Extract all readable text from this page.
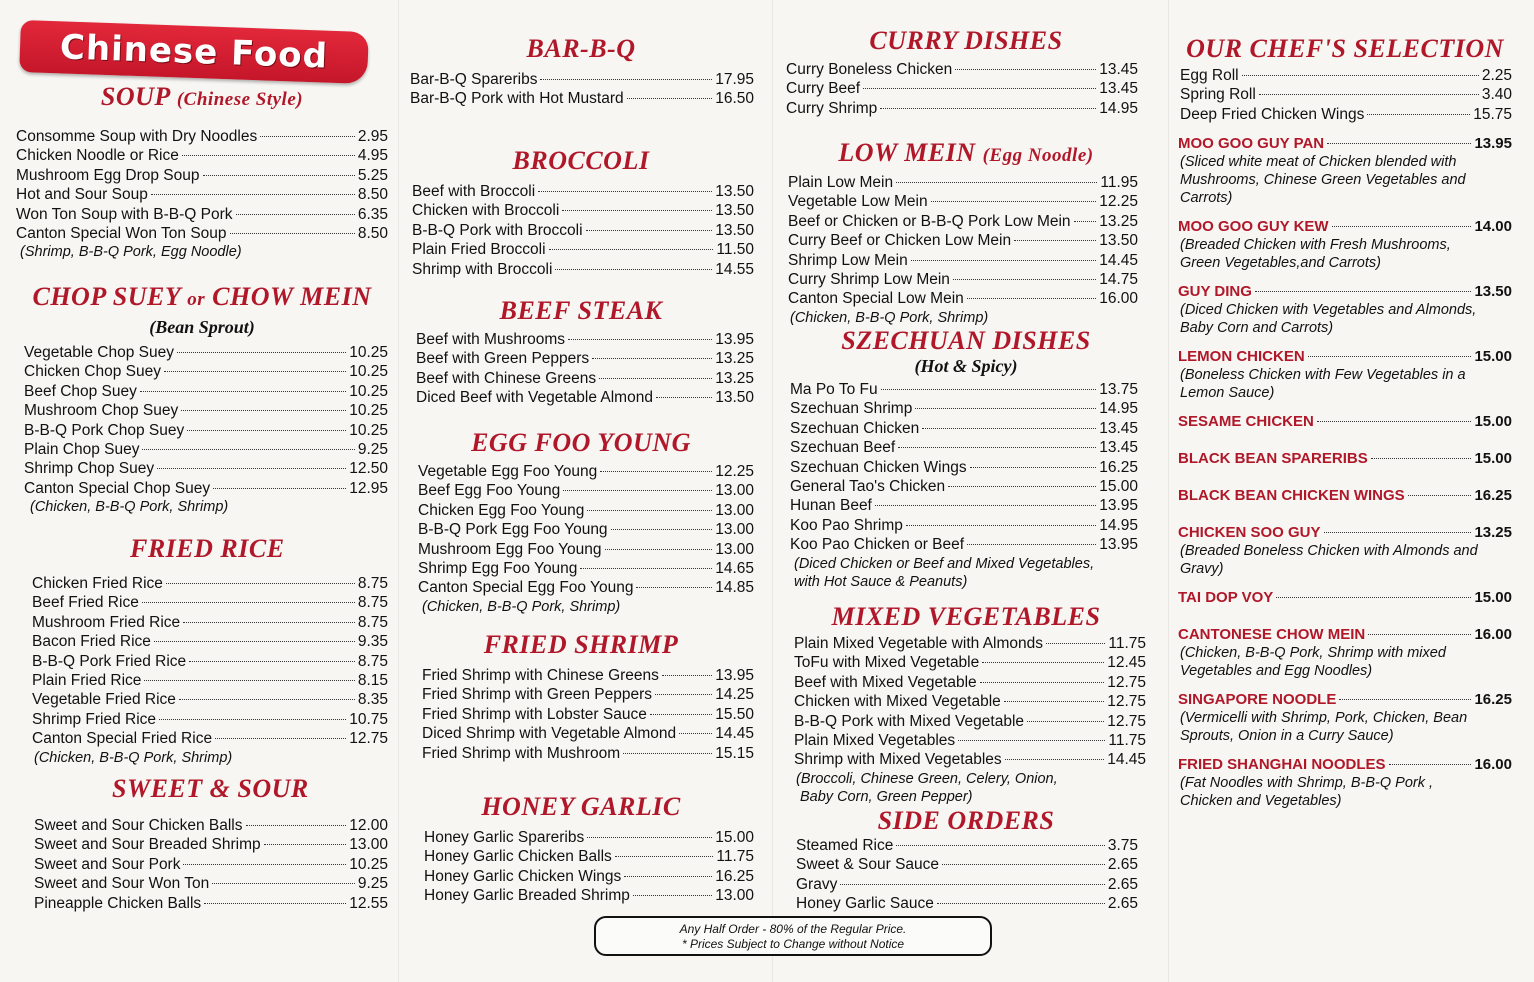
Chinese Food
SOUP (Chinese Style)
Consomme Soup with Dry Noodles	2.95
Chicken Noodle or Rice	4.95
Mushroom Egg Drop Soup	5.25
Hot and Sour Soup	8.50
Won Ton Soup with B-B-Q Pork	6.35
Canton Special Won Ton Soup	8.50
(Shrimp, B-B-Q Pork, Egg Noodle)
CHOP SUEY or CHOW MEIN
(Bean Sprout)
Vegetable Chop Suey	10.25
Chicken Chop Suey	10.25
Beef Chop Suey	10.25
Mushroom Chop Suey	10.25
B-B-Q Pork Chop Suey	10.25
Plain Chop Suey	9.25
Shrimp Chop Suey	12.50
Canton Special Chop Suey	12.95
(Chicken, B-B-Q Pork, Shrimp)
FRIED RICE
Chicken Fried Rice	8.75
Beef Fried Rice	8.75
Mushroom Fried Rice	8.75
Bacon Fried Rice	9.35
B-B-Q Pork Fried Rice	8.75
Plain Fried Rice	8.15
Vegetable Fried Rice	8.35
Shrimp Fried Rice	10.75
Canton Special Fried Rice	12.75
(Chicken, B-B-Q Pork, Shrimp)
SWEET & SOUR
Sweet and Sour Chicken Balls	12.00
Sweet and Sour Breaded Shrimp	13.00
Sweet and Sour Pork	10.25
Sweet and Sour Won Ton	9.25
Pineapple Chicken Balls	12.55
BAR-B-Q
Bar-B-Q Spareribs	17.95
Bar-B-Q Pork with Hot Mustard	16.50
BROCCOLI
Beef with Broccoli	13.50
Chicken with Broccoli	13.50
B-B-Q Pork with Broccoli	13.50
Plain Fried Broccoli	11.50
Shrimp with Broccoli	14.55
BEEF STEAK
Beef with Mushrooms	13.95
Beef with Green Peppers	13.25
Beef with Chinese Greens	13.25
Diced Beef with Vegetable Almond	13.50
EGG FOO YOUNG
Vegetable Egg Foo Young	12.25
Beef Egg Foo Young	13.00
Chicken Egg Foo Young	13.00
B-B-Q Pork Egg Foo Young	13.00
Mushroom Egg Foo Young	13.00
Shrimp Egg Foo Young	14.65
Canton Special Egg Foo Young	14.85
(Chicken, B-B-Q Pork, Shrimp)
FRIED SHRIMP
Fried Shrimp with Chinese Greens	13.95
Fried Shrimp with Green Peppers	14.25
Fried Shrimp with Lobster Sauce	15.50
Diced Shrimp with Vegetable Almond	14.45
Fried Shrimp with Mushroom	15.15
HONEY GARLIC
Honey Garlic Spareribs	15.00
Honey Garlic Chicken Balls	11.75
Honey Garlic Chicken Wings	16.25
Honey Garlic Breaded Shrimp	13.00
CURRY DISHES
Curry Boneless Chicken	13.45
Curry Beef	13.45
Curry Shrimp	14.95
LOW MEIN (Egg Noodle)
Plain Low Mein	11.95
Vegetable Low Mein	12.25
Beef or Chicken or B-B-Q Pork Low Mein 13.25
Curry Beef or Chicken Low Mein	13.50
Shrimp Low Mein	14.45
Curry Shrimp Low Mein	14.75
Canton Special Low Mein	16.00
(Chicken, B-B-Q Pork, Shrimp)
SZECHUAN DISHES
(Hot & Spicy)
Ma Po To Fu	13.75
Szechuan Shrimp	14.95
Szechuan Chicken	13.45
Szechuan Beef	13.45
Szechuan Chicken Wings	16.25
General Tao's Chicken	15.00
Hunan Beef	13.95
Koo Pao Shrimp	14.95
Koo Pao Chicken or Beef	13.95
(Diced Chicken or Beef and Mixed Vegetables,
with Hot Sauce & Peanuts)
MIXED VEGETABLES
Plain Mixed Vegetable with Almonds	11.75
ToFu with Mixed Vegetable	12.45
Beef with Mixed Vegetable	12.75
Chicken with Mixed Vegetable	12.75
B-B-Q Pork with Mixed Vegetable	12.75
Plain Mixed Vegetables	11.75
Shrimp with Mixed Vegetables	14.45
(Broccoli, Chinese Green, Celery, Onion,
Baby Corn, Green Pepper)
SIDE ORDERS
Steamed Rice	3.75
Sweet & Sour Sauce	2.65
Gravy	2.65
Honey Garlic Sauce	2.65
OUR CHEF'S SELECTION
Egg Roll	2.25
Spring Roll	3.40
Deep Fried Chicken Wings	15.75
MOO GOO GUY PAN	13.95
(Sliced white meat of Chicken blended with
Mushrooms, Chinese Green Vegetables and
Carrots)
MOO GOO GUY KEW	14.00
(Breaded Chicken with Fresh Mushrooms,
Green Vegetables,and Carrots)
GUY DING	13.50
(Diced Chicken with Vegetables and Almonds,
Baby Corn and Carrots)
LEMON CHICKEN	15.00
(Boneless Chicken with Few Vegetables in a
Lemon Sauce)
SESAME CHICKEN	15.00
BLACK BEAN SPARERIBS	15.00
BLACK BEAN CHICKEN WINGS	16.25
CHICKEN SOO GUY	13.25
(Breaded Boneless Chicken with Almonds and
Gravy)
TAI DOP VOY	15.00
CANTONESE CHOW MEIN	16.00
(Chicken, B-B-Q Pork, Shrimp with mixed
Vegetables and Egg Noodles)
SINGAPORE NOODLE	16.25
(Vermicelli with Shrimp, Pork, Chicken, Bean
Sprouts, Onion in a Curry Sauce)
FRIED SHANGHAI NOODLES	16.00
(Fat Noodles with Shrimp, B-B-Q Pork ,
Chicken and Vegetables)
Any Half Order - 80% of the Regular Price.
* Prices Subject to Change without Notice
